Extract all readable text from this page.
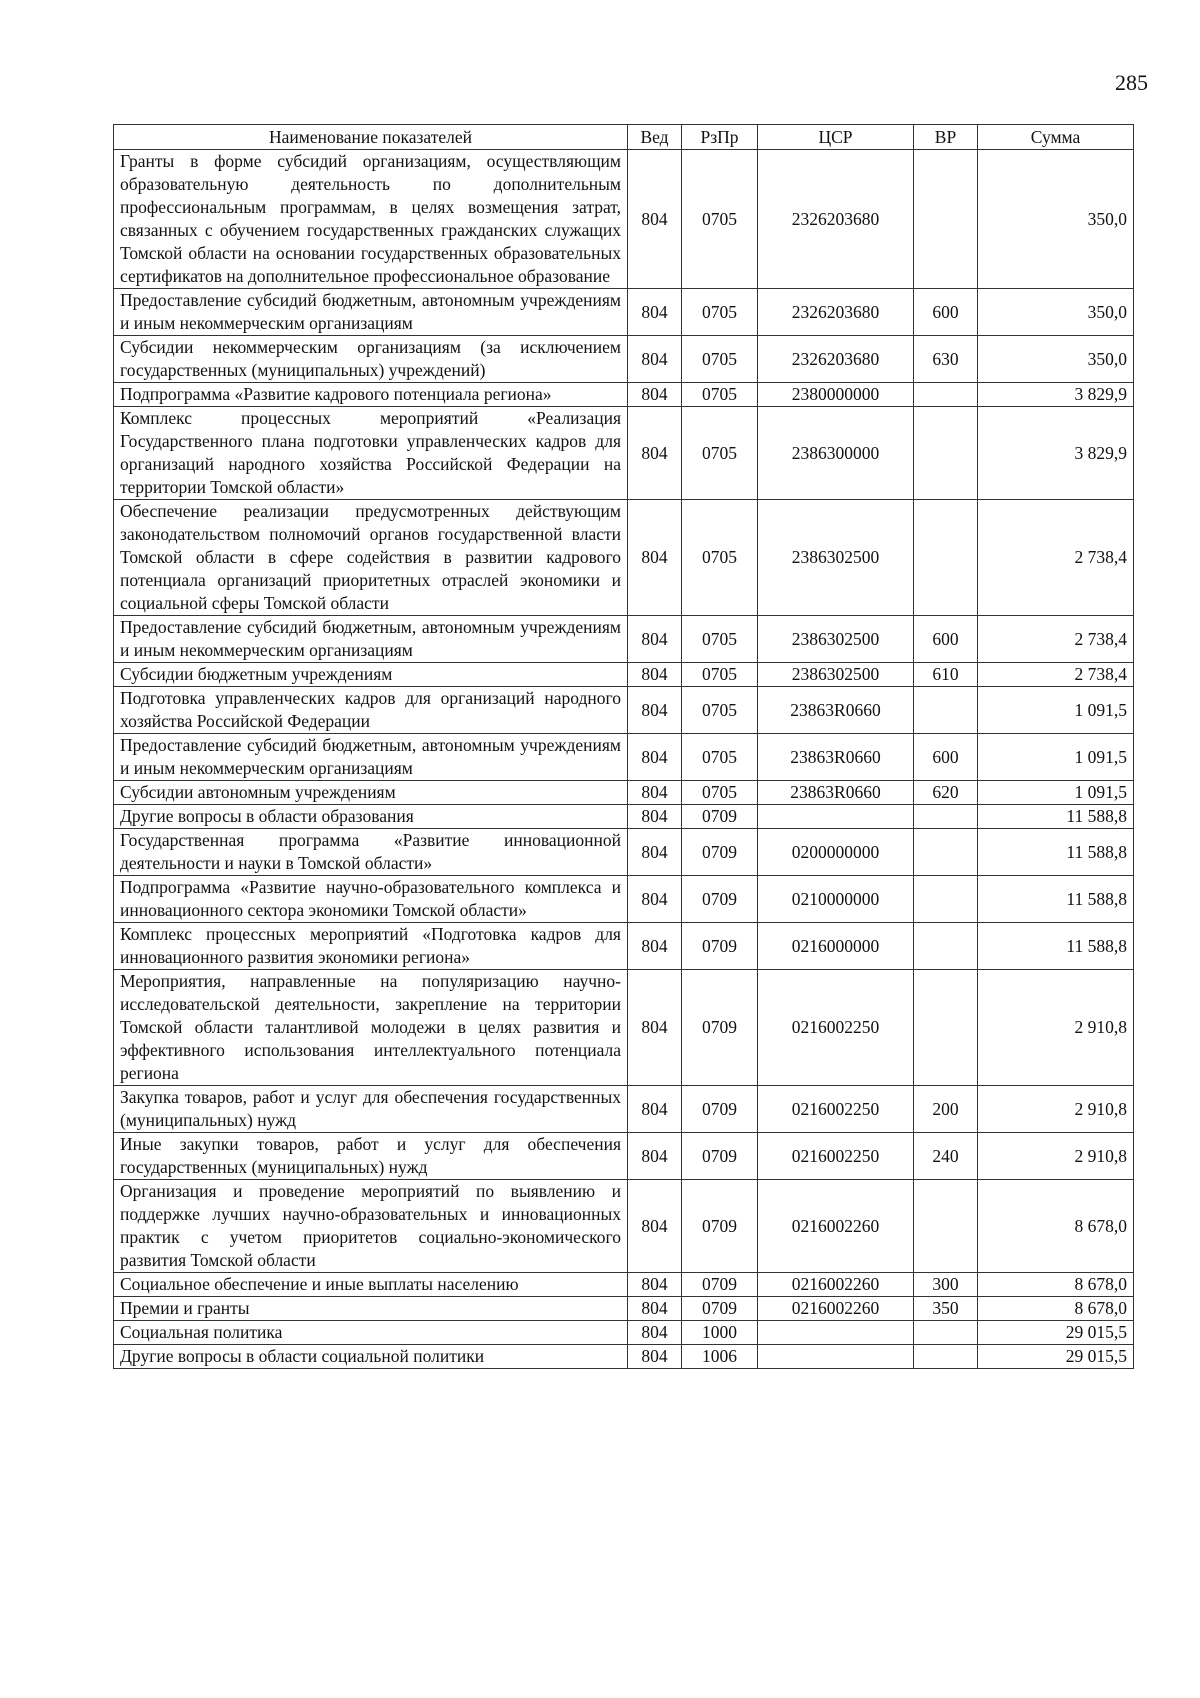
285
Наименование показателей	Вед	РзПр	ЦСР	ВР	Сумма
Гранты в форме субсидий организациям, осуществляющим образовательную деятельность по дополнительным профессиональным программам, в целях возмещения затрат, связанных с обучением государственных гражданских служащих Томской области на основании государственных образовательных сертификатов на дополнительное профессиональное образование	804	0705	2326203680		350,0
Предоставление субсидий бюджетным, автономным учреждениям и иным некоммерческим организациям	804	0705	2326203680	600	350,0
Субсидии некоммерческим организациям (за исключением государственных (муниципальных) учреждений)	804	0705	2326203680	630	350,0
Подпрограмма «Развитие кадрового потенциала региона»	804	0705	2380000000		3 829,9
Комплекс процессных мероприятий «Реализация Государственного плана подготовки управленческих кадров для организаций народного хозяйства Российской Федерации на территории Томской области»	804	0705	2386300000		3 829,9
Обеспечение реализации предусмотренных действующим законодательством полномочий органов государственной власти Томской области в сфере содействия в развитии кадрового потенциала организаций приоритетных отраслей экономики и социальной сферы Томской области	804	0705	2386302500		2 738,4
Предоставление субсидий бюджетным, автономным учреждениям и иным некоммерческим организациям	804	0705	2386302500	600	2 738,4
Субсидии бюджетным учреждениям	804	0705	2386302500	610	2 738,4
Подготовка управленческих кадров для организаций народного хозяйства Российской Федерации	804	0705	23863R0660		1 091,5
Предоставление субсидий бюджетным, автономным учреждениям и иным некоммерческим организациям	804	0705	23863R0660	600	1 091,5
Субсидии автономным учреждениям	804	0705	23863R0660	620	1 091,5
Другие вопросы в области образования	804	0709			11 588,8
Государственная программа «Развитие инновационной деятельности и науки в Томской области»	804	0709	0200000000		11 588,8
Подпрограмма «Развитие научно-образовательного комплекса и инновационного сектора экономики Томской области»	804	0709	0210000000		11 588,8
Комплекс процессных мероприятий «Подготовка кадров для инновационного развития экономики региона»	804	0709	0216000000		11 588,8
Мероприятия, направленные на популяризацию научно-исследовательской деятельности, закрепление на территории Томской области талантливой молодежи в целях развития и эффективного использования интеллектуального потенциала региона	804	0709	0216002250		2 910,8
Закупка товаров, работ и услуг для обеспечения государственных (муниципальных) нужд	804	0709	0216002250	200	2 910,8
Иные закупки товаров, работ и услуг для обеспечения государственных (муниципальных) нужд	804	0709	0216002250	240	2 910,8
Организация и проведение мероприятий по выявлению и поддержке лучших научно-образовательных и инновационных практик с учетом приоритетов социально-экономического развития Томской области	804	0709	0216002260		8 678,0
Социальное обеспечение и иные выплаты населению	804	0709	0216002260	300	8 678,0
Премии и гранты	804	0709	0216002260	350	8 678,0
Социальная политика	804	1000			29 015,5
Другие вопросы в области социальной политики	804	1006			29 015,5
